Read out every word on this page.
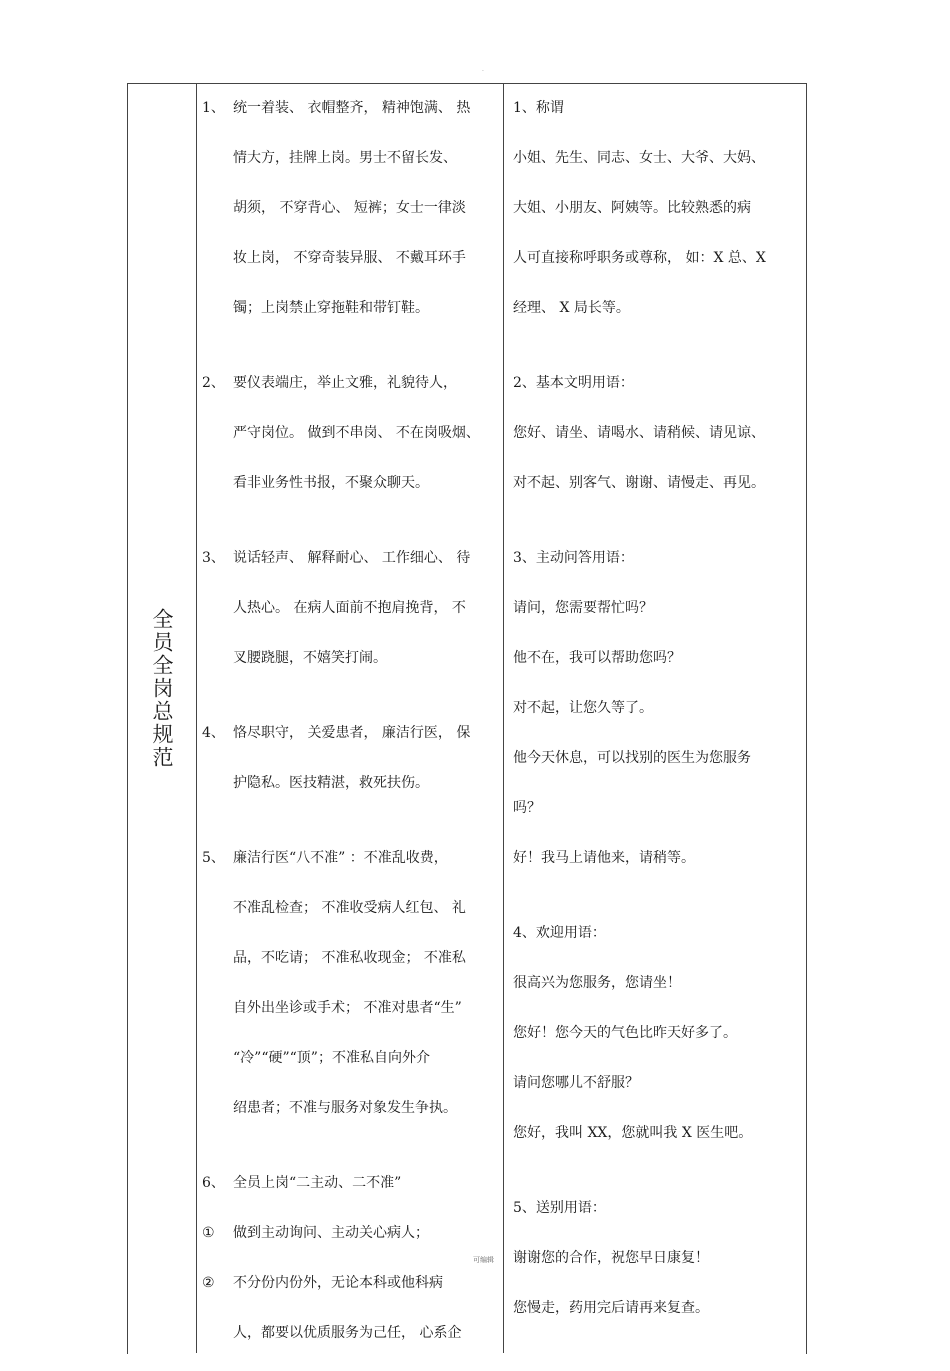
·
全员全岗总规范
1、 统一着装、 衣帽整齐， 精神饱满、 热
情大方，挂牌上岗。男士不留长发、
胡须， 不穿背心、 短裤；女士一律淡
妆上岗， 不穿奇装异服、 不戴耳环手
镯；上岗禁止穿拖鞋和带钉鞋。
2、 要仪表端庄，举止文雅，礼貌待人，
严守岗位。 做到不串岗、 不在岗吸烟、
看非业务性书报，不聚众聊天。
3、 说话轻声、 解释耐心、 工作细心、 待
人热心。 在病人面前不抱肩挽背， 不
叉腰跷腿，不嬉笑打闹。
4、 恪尽职守， 关爱患者， 廉洁行医， 保
护隐私。医技精湛，救死扶伤。
5、 廉洁行医“八不准” ：不准乱收费，
不准乱检查； 不准收受病人红包、 礼
品，不吃请； 不准私收现金； 不准私
自外出坐诊或手术； 不准对患者“生”
“冷”“硬”“顶”；不准私自向外介
绍患者；不准与服务对象发生争执。
6、 全员上岗“二主动、二不准”
① 做到主动询问、主动关心病人；
② 不分份内份外，无论本科或他科病
人，都要以优质服务为己任， 心系企
1、称谓
小姐、先生、同志、女士、大爷、大妈、
大姐、小朋友、阿姨等。比较熟悉的病
人可直接称呼职务或尊称， 如：X 总、X
经理、 X 局长等。
2、基本文明用语：
您好、请坐、请喝水、请稍候、请见谅、
对不起、别客气、谢谢、请慢走、再见。
3、主动问答用语：
请问，您需要帮忙吗？
他不在，我可以帮助您吗？
对不起，让您久等了。
他今天休息，可以找别的医生为您服务
吗？
好！我马上请他来，请稍等。
4、欢迎用语：
很高兴为您服务，您请坐！
您好！您今天的气色比昨天好多了。
请问您哪儿不舒服？
您好，我叫 XX，您就叫我 X 医生吧。
5、送别用语：
谢谢您的合作，祝您早日康复！
您慢走，药用完后请再来复查。
可编辑
